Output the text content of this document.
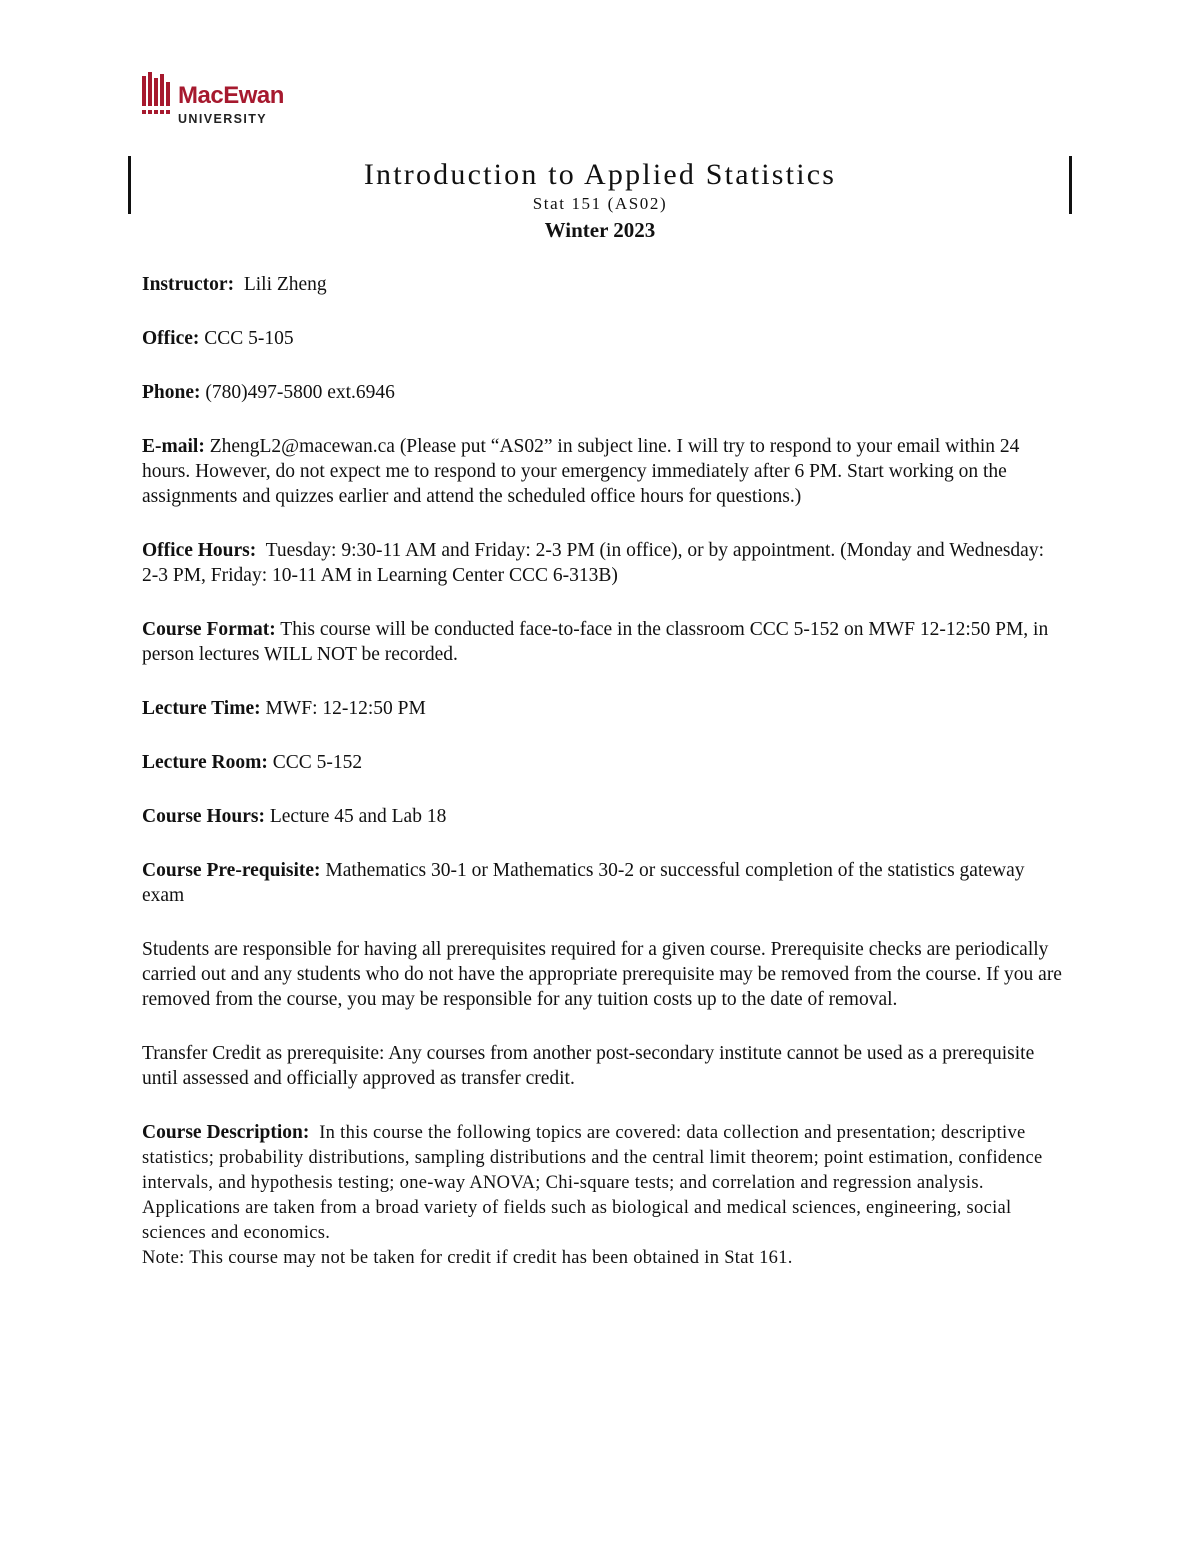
MacEwan
UNIVERSITY
Introduction to Applied Statistics
Stat 151 (AS02)
Winter 2023

Instructor: Lili Zheng

Office: CCC 5-105

Phone: (780)497-5800 ext.6946

E-mail: ZhengL2@macewan.ca (Please put “AS02” in subject line. I will try to respond to your email within 24 hours. However, do not expect me to respond to your emergency immediately after 6 PM. Start working on the assignments and quizzes earlier and attend the scheduled office hours for questions.)

Office Hours: Tuesday: 9:30-11 AM and Friday: 2-3 PM (in office), or by appointment. (Monday and Wednesday: 2-3 PM, Friday: 10-11 AM in Learning Center CCC 6-313B)

Course Format: This course will be conducted face-to-face in the classroom CCC 5-152 on MWF 12-12:50 PM, in person lectures WILL NOT be recorded.

Lecture Time: MWF: 12-12:50 PM

Lecture Room: CCC 5-152

Course Hours: Lecture 45 and Lab 18

Course Pre-requisite: Mathematics 30-1 or Mathematics 30-2 or successful completion of the statistics gateway exam

Students are responsible for having all prerequisites required for a given course. Prerequisite checks are periodically carried out and any students who do not have the appropriate prerequisite may be removed from the course. If you are removed from the course, you may be responsible for any tuition costs up to the date of removal.

Transfer Credit as prerequisite: Any courses from another post-secondary institute cannot be used as a prerequisite until assessed and officially approved as transfer credit.

Course Description: In this course the following topics are covered: data collection and presentation; descriptive statistics; probability distributions, sampling distributions and the central limit theorem; point estimation, confidence intervals, and hypothesis testing; one-way ANOVA; Chi-square tests; and correlation and regression analysis. Applications are taken from a broad variety of fields such as biological and medical sciences, engineering, social sciences and economics.

Note: This course may not be taken for credit if credit has been obtained in Stat 161.
